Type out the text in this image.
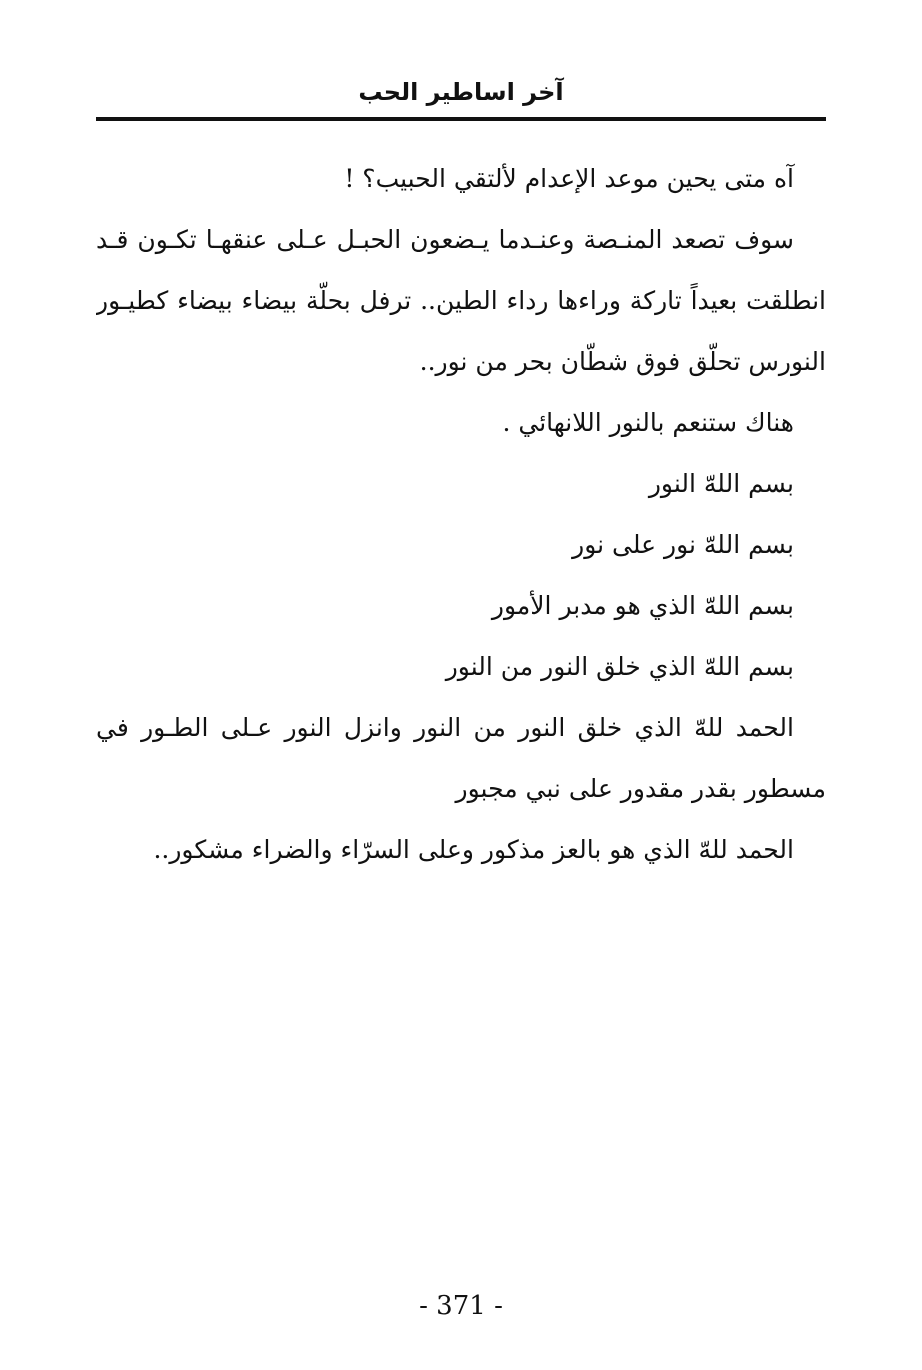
آخر اساطير الحب
آه متى يحين موعد الإعدام لألتقي الحبيب؟ !
سوف تصعد المنـصة وعنـدما يـضعون الحبـل عـلى عنقهـا تكـون قـد
انطلقت بعيداً تاركة وراءها رداء الطين.. ترفل بحلّة بيضاء بيضاء كطيـور
النورس تحلّق فوق شطّان بحر من نور..
هناك ستنعم بالنور اللانهائي .
بسم اللهّ النور
بسم اللهّ نور على نور
بسم اللهّ الذي هو مدبر الأمور
بسم اللهّ الذي خلق النور من النور
الحمد للهّ الذي خلق النور من النور وانزل النور عـلى الطـور في
مسطور بقدر مقدور على نبي مجبور
الحمد للهّ الذي هو بالعز مذكور وعلى السرّاء والضراء مشكور..
- 371 -
